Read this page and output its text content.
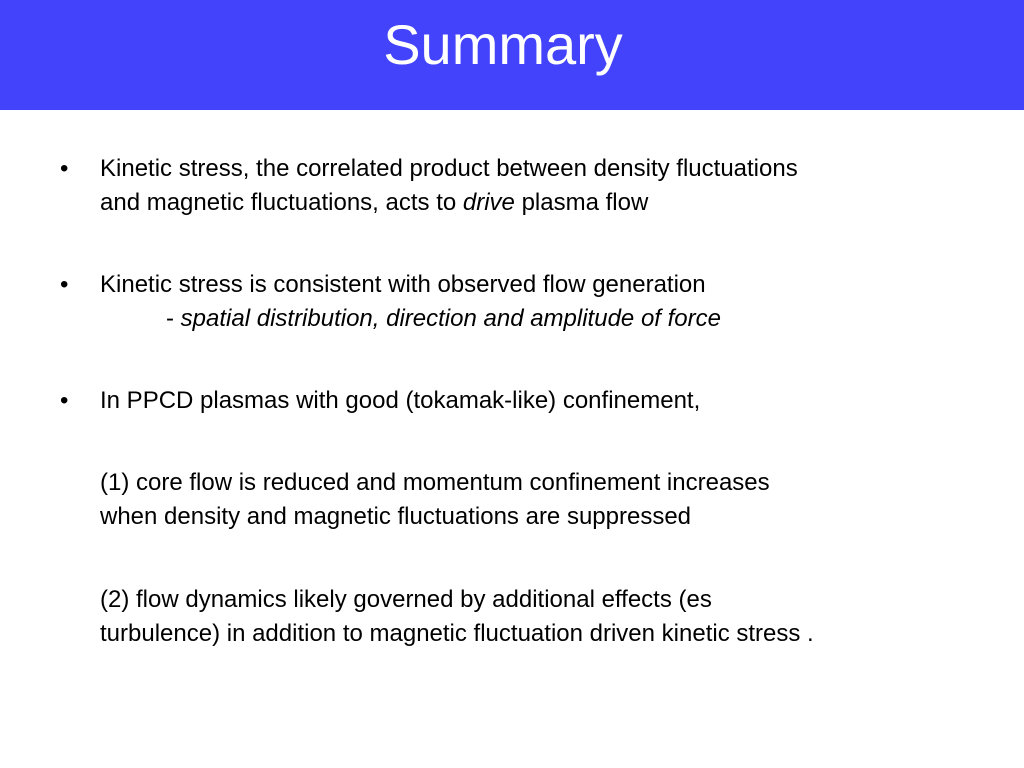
Summary
• Kinetic stress, the correlated product between density fluctuations
and magnetic fluctuations, acts to drive plasma flow
• Kinetic stress is consistent with observed flow generation
- spatial distribution, direction and amplitude of force
• In PPCD plasmas with good (tokamak-like) confinement,
(1) core flow is reduced and momentum confinement increases
when density and magnetic fluctuations are suppressed
(2) flow dynamics likely governed by additional effects (es
turbulence) in addition to magnetic fluctuation driven kinetic stress .
